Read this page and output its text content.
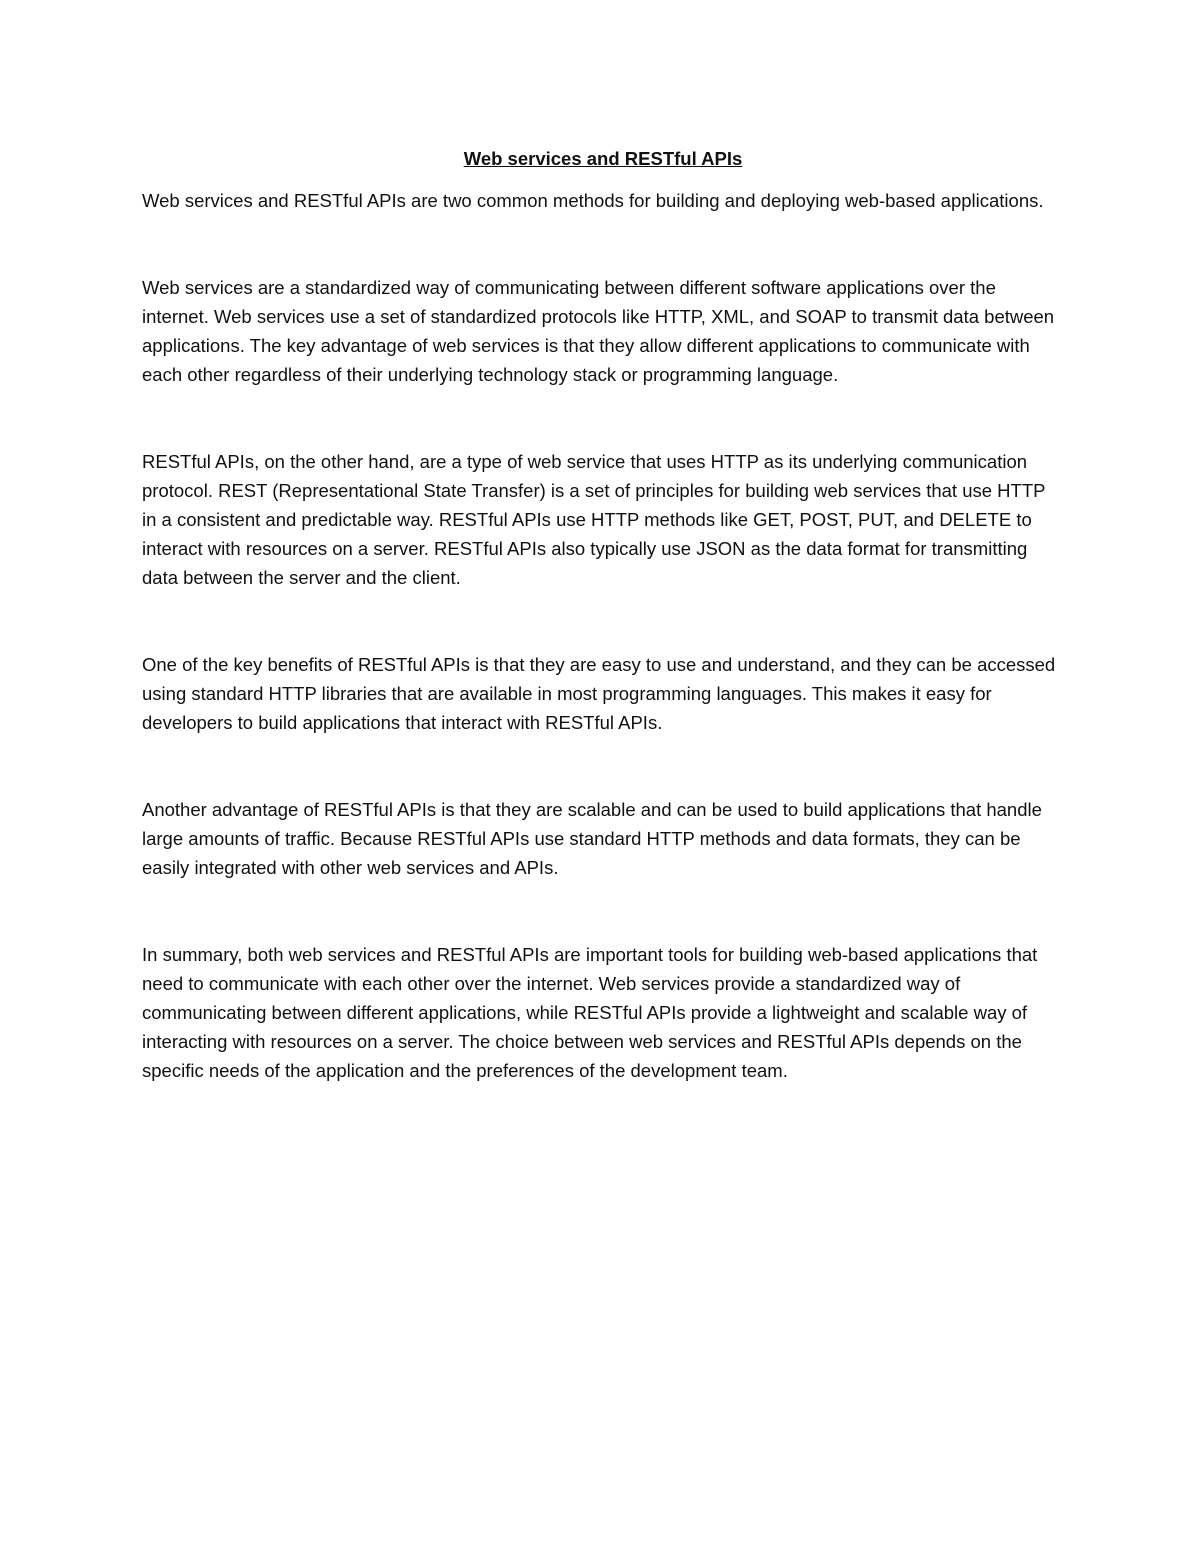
Web services and RESTful APIs

Web services and RESTful APIs are two common methods for building and deploying web-based applications.

Web services are a standardized way of communicating between different software applications over the internet. Web services use a set of standardized protocols like HTTP, XML, and SOAP to transmit data between applications. The key advantage of web services is that they allow different applications to communicate with each other regardless of their underlying technology stack or programming language.

RESTful APIs, on the other hand, are a type of web service that uses HTTP as its underlying communication protocol. REST (Representational State Transfer) is a set of principles for building web services that use HTTP in a consistent and predictable way. RESTful APIs use HTTP methods like GET, POST, PUT, and DELETE to interact with resources on a server. RESTful APIs also typically use JSON as the data format for transmitting data between the server and the client.

One of the key benefits of RESTful APIs is that they are easy to use and understand, and they can be accessed using standard HTTP libraries that are available in most programming languages. This makes it easy for developers to build applications that interact with RESTful APIs.

Another advantage of RESTful APIs is that they are scalable and can be used to build applications that handle large amounts of traffic. Because RESTful APIs use standard HTTP methods and data formats, they can be easily integrated with other web services and APIs.

In summary, both web services and RESTful APIs are important tools for building web-based applications that need to communicate with each other over the internet. Web services provide a standardized way of communicating between different applications, while RESTful APIs provide a lightweight and scalable way of interacting with resources on a server. The choice between web services and RESTful APIs depends on the specific needs of the application and the preferences of the development team.
